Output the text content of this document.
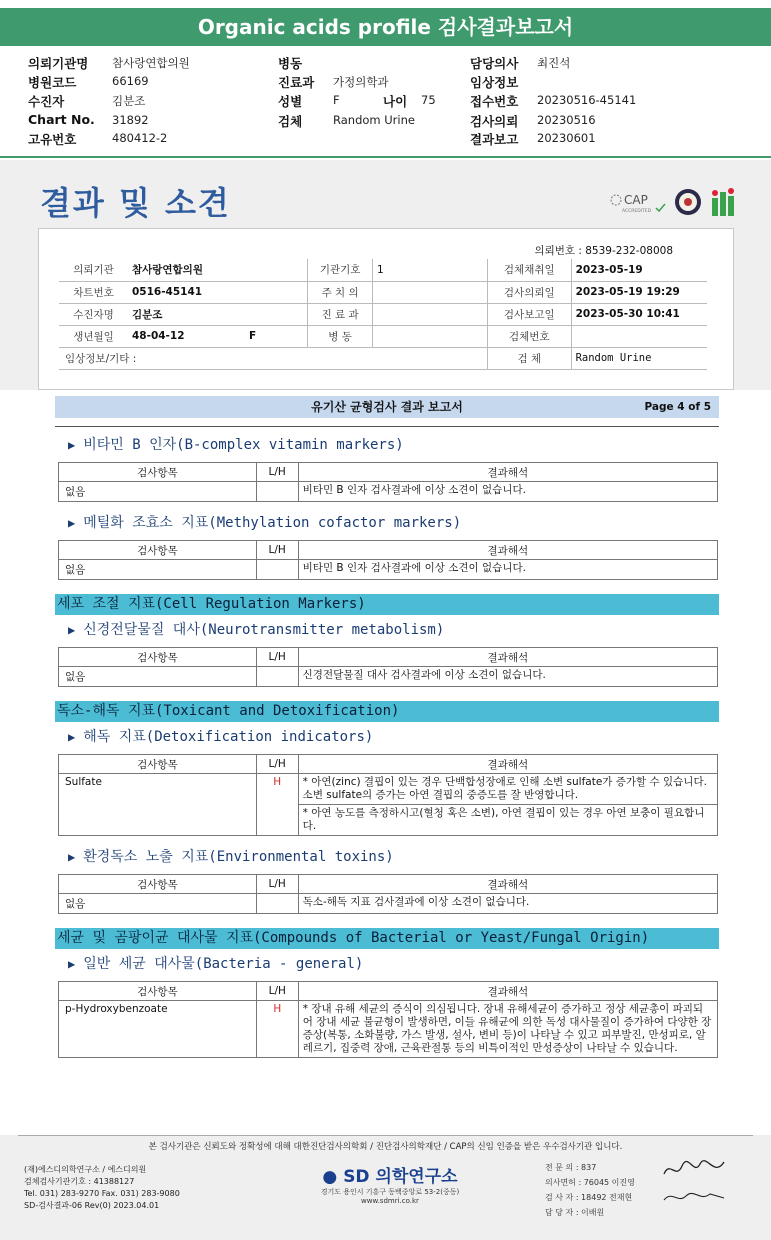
Organic acids profile 검사결과보고서
의뢰기관명 참사랑연합의원
병원코드	66169
수진자	김분조
Chart No. 31892
고유번호	480412-2
병동
진료과 가정의학과
성별	F
검체	Random Urine
나이 75
담당의사 최진석
임상정보
접수번호 20230516-45141
검사의뢰 20230516
결과보고 20230601
결과 및 소견	CAP
ACCREDITED
의뢰번호 : 8539-232-08008
의뢰기관	참사랑연합의원		기관기호	1	검체채취일	2023-05-19
차트번호	0516-45141		주 치 의		검사의뢰일	2023-05-19 19:29
수진자명	김분조		진 료 과		검사보고일	2023-05-30 10:41
생년월일	48-04-12	F	병 동		검체번호	
임상정보/기타 :					검 체	Random Urine
유기산 균형검사 결과 보고서	Page 4 of 5
▶ 비타민 B 인자(B-complex vitamin markers)
검사항목	L/H	결과해석
없음		비타민 B 인자 검사결과에 이상 소견이 없습니다.
▶ 메틸화 조효소 지표(Methylation cofactor markers)
검사항목	L/H	결과해석
없음		비타민 B 인자 검사결과에 이상 소견이 없습니다.
세포 조절 지표(Cell Regulation Markers)
▶ 신경전달물질 대사(Neurotransmitter metabolism)
검사항목	L/H	결과해석
없음		신경전달물질 대사 검사결과에 이상 소견이 없습니다.
독소-해독 지표(Toxicant and Detoxification)
▶ 해독 지표(Detoxification indicators)
검사항목	L/H	결과해석
Sulfate	H	* 아연(zinc) 결핍이 있는 경우 단백합성장애로 인해 소변 sulfate가 증가할 수 있습니다.
소변 sulfate의 증가는 아연 결핍의 중증도를 잘 반영합니다.

		* 아연 농도를 측정하시고(혈청 혹은 소변), 아연 결핍이 있는 경우 아연 보충이 필요합니다.
▶ 환경독소 노출 지표(Environmental toxins)
검사항목	L/H	결과해석
없음		독소-해독 지표 검사결과에 이상 소견이 없습니다.
세균 및 곰팡이균 대사물 지표(Compounds of Bacterial or Yeast/Fungal Origin)
▶ 일반 세균 대사물(Bacteria - general)
검사항목	L/H	결과해석
p-Hydroxybenzoate	H	* 장내 유해 세균의 증식이 의심됩니다. 장내 유해세균이 증가하고 정상 세균총이 파괴되어 장내 세균 불균형이 발생하면, 이들 유해균에 의한 독성 대사물질이 증가하여 다양한 장 증상(복통, 소화불량, 가스 발생, 설사, 변비 등)이 나타날 수 있고 피부발진, 만성피로, 알레르기, 집중력 장애, 근육관절통 등의 비특이적인 만성증상이 나타날 수 있습니다.
본 검사기관은 신뢰도와 정확성에 대해 대한진단검사의학회 / 진단검사의학재단 / CAP의 신임 인증을 받은 우수검사기관 입니다.
(재)에스디의학연구소 / 에스디의원
검체검사기관기호 : 41388127
Tel. 031) 283-9270 Fax. 031) 283-9080
SD-검사결과-06 Rev(0) 2023.04.01
● SD 의학연구소
경기도 용인시 기흥구 동백중앙로 53-2(중동)
www.sdmri.co.kr
전 문 의 : 837
의사면허 : 76045 이진영
검 사 자 : 18492 전재현
담 당 자 : 이배원
